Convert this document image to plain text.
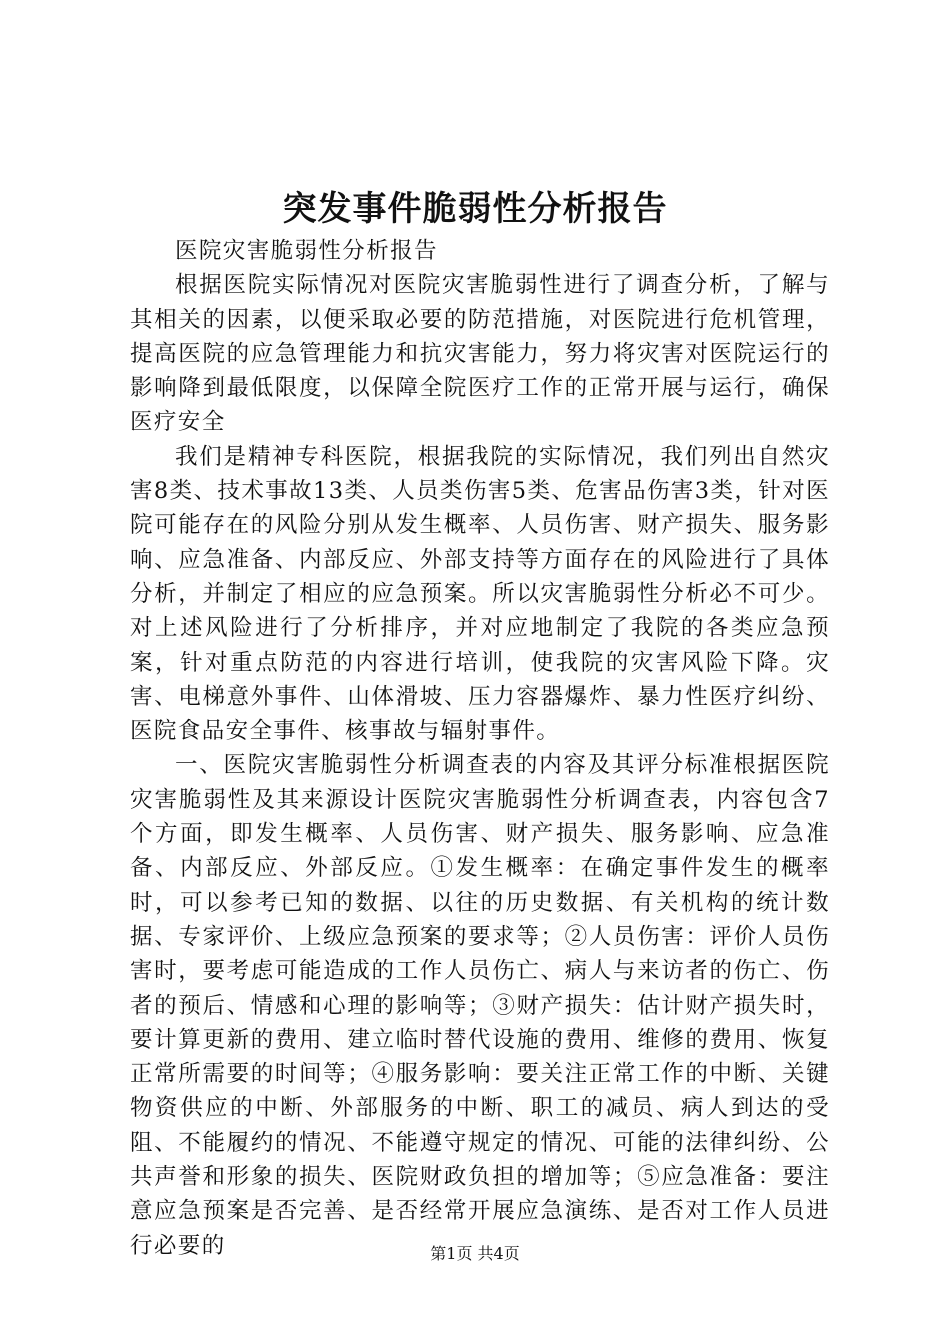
突发事件脆弱性分析报告

医院灾害脆弱性分析报告

根据医院实际情况对医院灾害脆弱性进行了调查分析，了解与其相关的因素，以便采取必要的防范措施，对医院进行危机管理，提高医院的应急管理能力和抗灾害能力，努力将灾害对医院运行的影响降到最低限度，以保障全院医疗工作的正常开展与运行，确保医疗安全

我们是精神专科医院，根据我院的实际情况，我们列出自然灾害8类、技术事故13类、人员类伤害5类、危害品伤害3类，针对医院可能存在的风险分别从发生概率、人员伤害、财产损失、服务影响、应急准备、内部反应、外部支持等方面存在的风险进行了具体分析，并制定了相应的应急预案。所以灾害脆弱性分析必不可少。对上述风险进行了分析排序，并对应地制定了我院的各类应急预案，针对重点防范的内容进行培训，使我院的灾害风险下降。灾害、电梯意外事件、山体滑坡、压力容器爆炸、暴力性医疗纠纷、医院食品安全事件、核事故与辐射事件。

一、医院灾害脆弱性分析调查表的内容及其评分标准根据医院灾害脆弱性及其来源设计医院灾害脆弱性分析调查表，内容包含7个方面，即发生概率、人员伤害、财产损失、服务影响、应急准备、内部反应、外部反应。①发生概率：在确定事件发生的概率时，可以参考已知的数据、以往的历史数据、有关机构的统计数据、专家评价、上级应急预案的要求等；②人员伤害：评价人员伤害时，要考虑可能造成的工作人员伤亡、病人与来访者的伤亡、伤者的预后、情感和心理的影响等；③财产损失：估计财产损失时，要计算更新的费用、建立临时替代设施的费用、维修的费用、恢复正常所需要的时间等；④服务影响：要关注正常工作的中断、关键物资供应的中断、外部服务的中断、职工的减员、病人到达的受阻、不能履约的情况、不能遵守规定的情况、可能的法律纠纷、公共声誉和形象的损失、医院财政负担的增加等；⑤应急准备：要注意应急预案是否完善、是否经常开展应急演练、是否对工作人员进行必要的	第1页 共4页
